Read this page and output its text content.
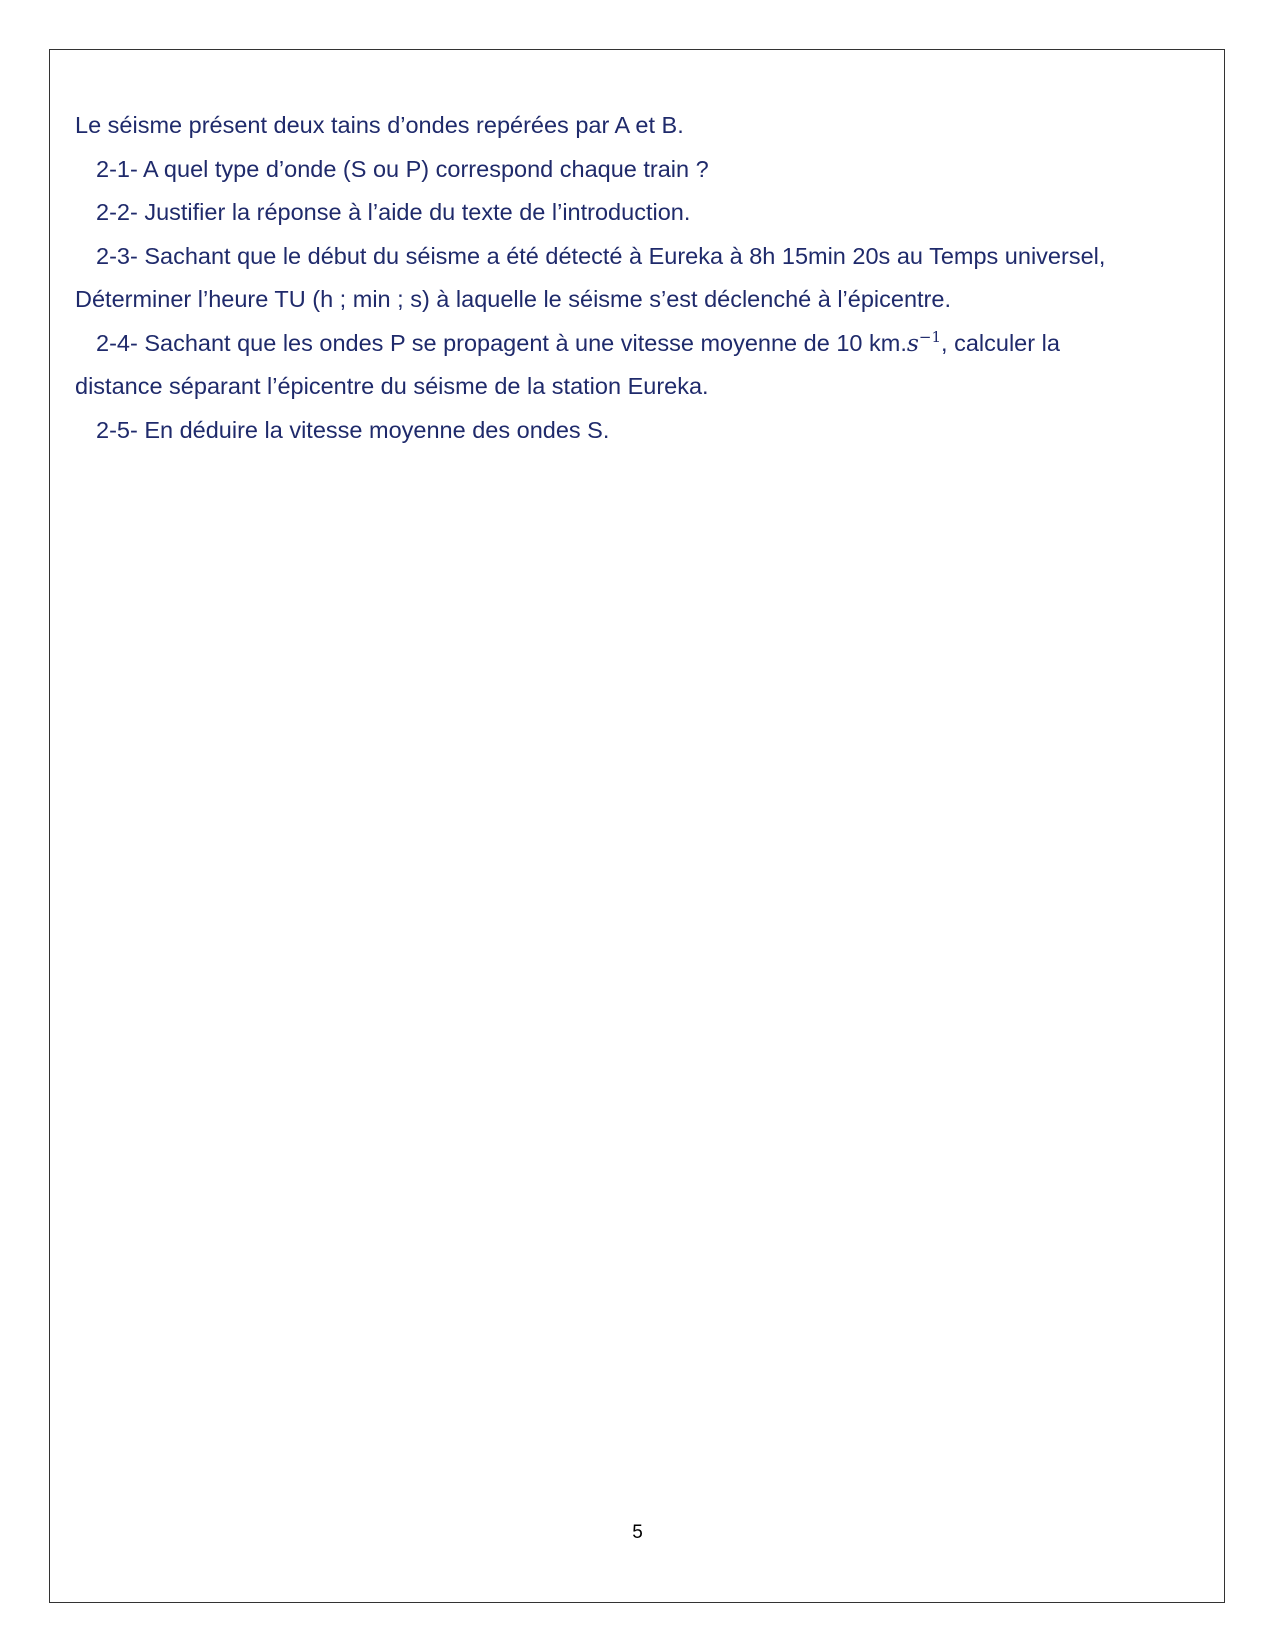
Le séisme présent deux tains d’ondes repérées par A et B.

2-1- A quel type d’onde (S ou P) correspond chaque train ?

2-2- Justifier la réponse à l’aide du texte de l’introduction.

2-3- Sachant que le début du séisme a été détecté à Eureka à 8h 15min 20s au Temps universel,

Déterminer l’heure TU (h ; min ; s) à laquelle le séisme s’est déclenché à l’épicentre.

2-4- Sachant que les ondes P se propagent à une vitesse moyenne de 10 $km.s^{-1}$, calculer la

distance séparant l’épicentre du séisme de la station Eureka.

2-5- En déduire la vitesse moyenne des ondes S.

5
